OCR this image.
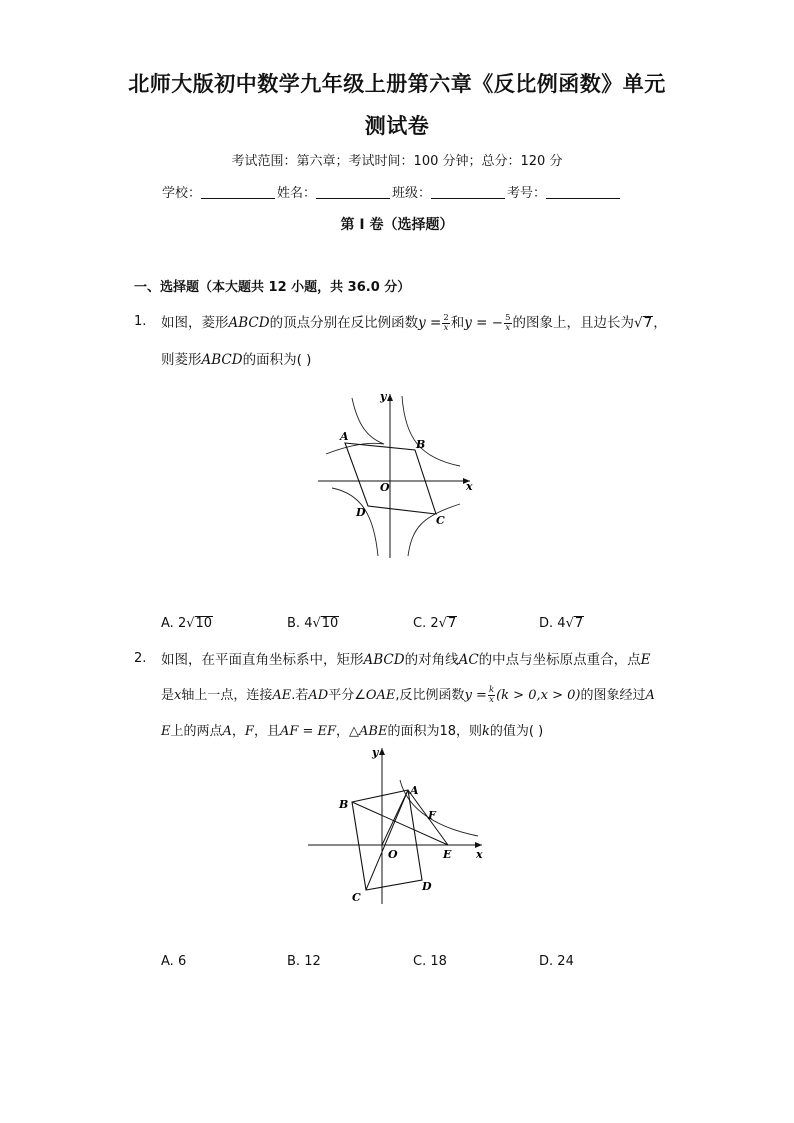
北师大版初中数学九年级上册第六章《反比例函数》单元
测试卷
考试范围：第六章；考试时间：100 分钟；总分：120 分
学校：	姓名：	班级：	考号：
第 I 卷（选择题）
一、选择题（本大题共 12 小题，共 36.0 分）
1. 如图，菱形ABCD的顶点分别在反比例函数$y = \frac{2}{x}$ 和y = − $\frac{5}{x}$ 的图象上，且边长为√7，
则菱形ABCD的面积为( )
A
B
C
D
O	x
y
A. 2√10	B. 4√10	C. 2√7	D. 4√7
2. 如图，在平面直角坐标系中，矩形ABCD的对角线AC的中点与坐标原点重合，点E
是x轴上一点，连接AE.若AD平分∠OAE,反比例函数$y = \frac{k}{x} (k > 0,x > 0)$的图象经过A
E上的两点A，F，且AF = EF，△ABE的面积为18，则k的值为( )
A
B
C
D
E
F
O	x
y
A. 6	B. 12	C. 18	D. 24
